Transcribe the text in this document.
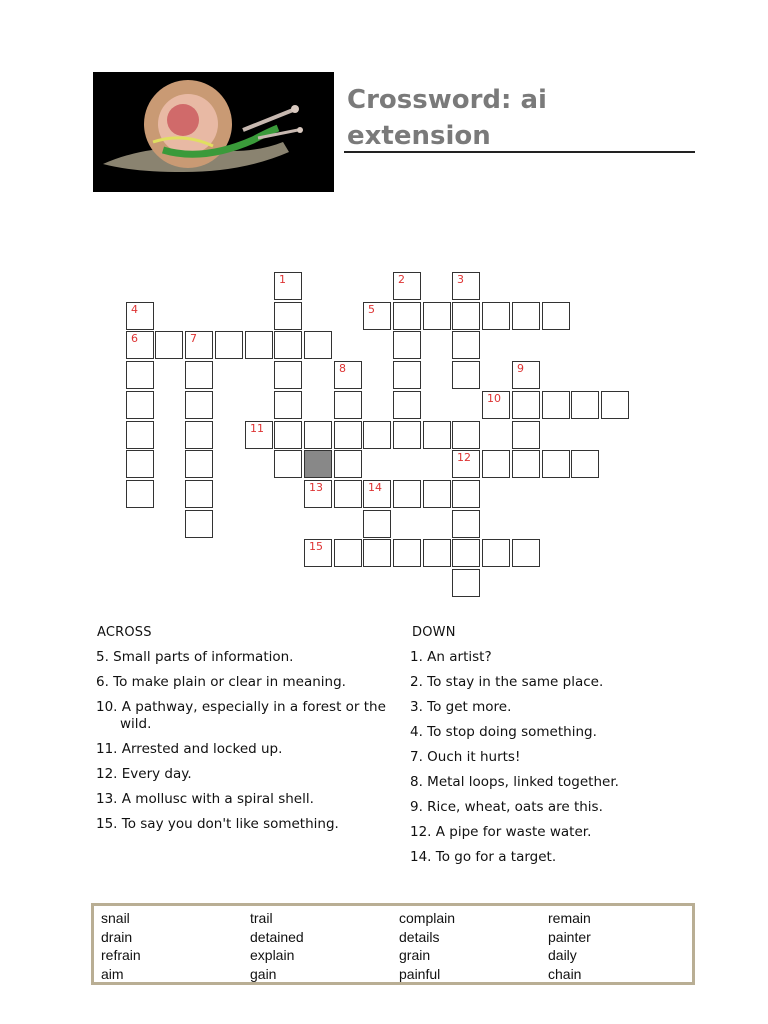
Crossword: ai extension
1	2	3
4	5
6	7
8	9
10
11
12
13	14
15
ACROSS
5. Small parts of information.
6. To make plain or clear in meaning.
10. A pathway, especially in a forest or the wild.
11. Arrested and locked up.
12. Every day.
13. A mollusc with a spiral shell.
15. To say you don't like something.
DOWN
1. An artist?
2. To stay in the same place.
3. To get more.
4. To stop doing something.
7. Ouch it hurts!
8. Metal loops, linked together.
9. Rice, wheat, oats are this.
12. A pipe for waste water.
14. To go for a target.
snail	trail	complain	remain
drain	detained	details	painter
refrain	explain	grain	daily
aim	gain	painful	chain
